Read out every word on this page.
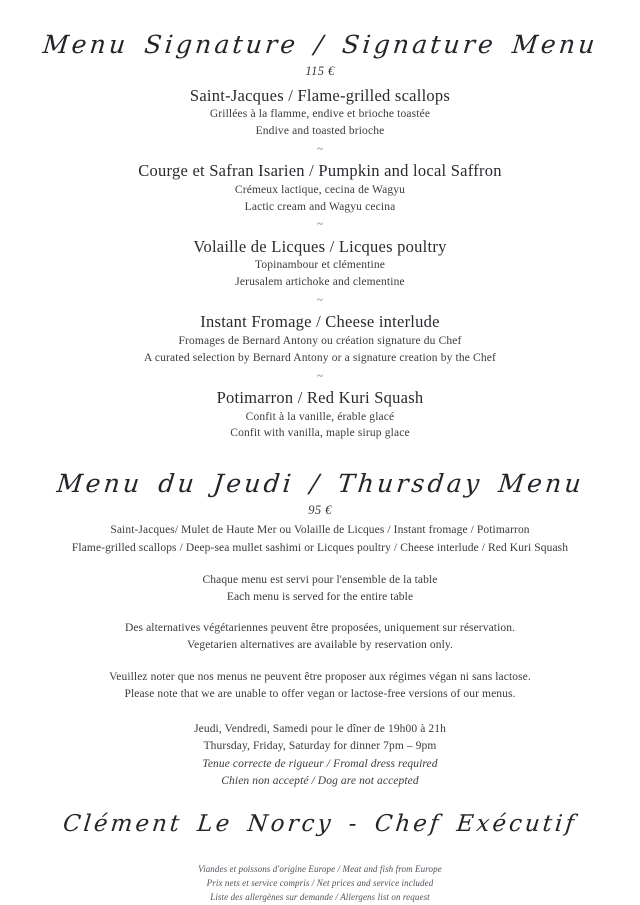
Menu Signature / Signature Menu
115 €
Saint-Jacques / Flame-grilled scallops
Grillées à la flamme, endive et brioche toastée
Endive and toasted brioche
~
Courge et Safran Isarien / Pumpkin and local Saffron
Crémeux lactique, cecina de Wagyu
Lactic cream and Wagyu cecina
~
Volaille de Licques / Licques poultry
Topinambour et clémentine
Jerusalem artichoke and clementine
~
Instant Fromage / Cheese interlude
Fromages de Bernard Antony ou création signature du Chef
A curated selection by Bernard Antony or a signature creation by the Chef
~
Potimarron / Red Kuri Squash
Confit à la vanille, érable glacé
Confit with vanilla, maple sirup glace
Menu du Jeudi / Thursday Menu
95 €
Saint-Jacques/ Mulet de Haute Mer ou Volaille de Licques / Instant fromage / Potimarron
Flame-grilled scallops / Deep-sea mullet sashimi or Licques poultry / Cheese interlude / Red Kuri Squash
Chaque menu est servi pour l'ensemble de la table
Each menu is served for the entire table
Des alternatives végétariennes peuvent être proposées, uniquement sur réservation.
Vegetarien alternatives are available by reservation only.
Veuillez noter que nos menus ne peuvent être proposer aux régimes végan ni sans lactose.
Please note that we are unable to offer vegan or lactose-free versions of our menus.
Jeudi, Vendredi, Samedi pour le dîner de 19h00 à 21h
Thursday, Friday, Saturday for dinner 7pm – 9pm
Tenue correcte de rigueur / Fromal dress required
Chien non accepté / Dog are not accepted
Clément Le Norcy - Chef Exécutif
Viandes et poissons d'origine Europe / Meat and fish from Europe
Prix nets et service compris / Net prices and service included
Liste des allergènes sur demande / Allergens list on request
